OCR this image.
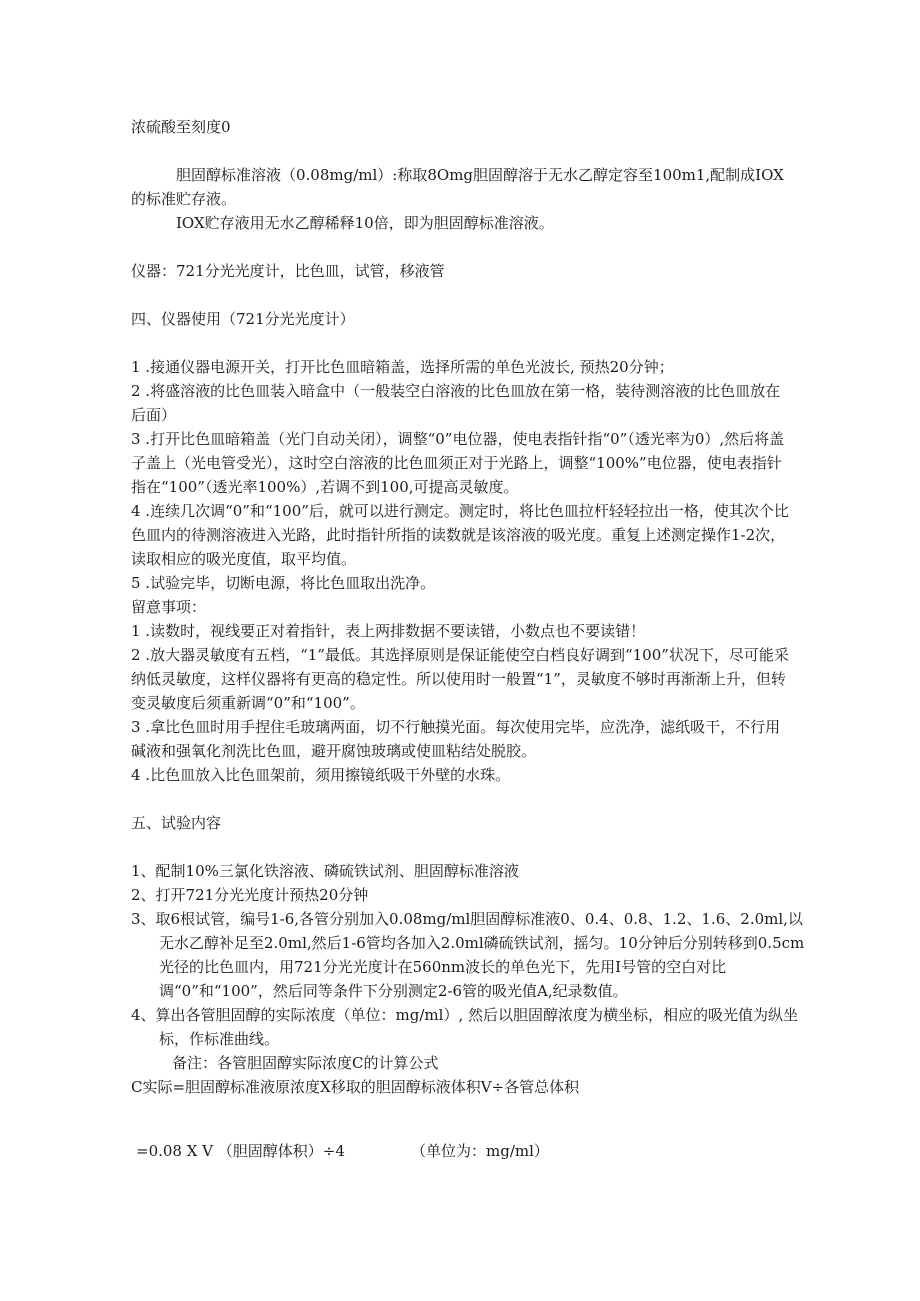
浓硫酸至刻度0

胆固醇标准溶液（0.08mg/ml）:称取8Omg胆固醇溶于无水乙醇定容至100m1,配制成IOX的标准贮存液。

IOX贮存液用无水乙醇稀释10倍，即为胆固醇标准溶液。

仪器：721分光光度计，比色皿，试管，移液管

四、仪器使用（721分光光度计）

1 .接通仪器电源开关，打开比色皿暗箱盖，选择所需的单色光波长, 预热20分钟；

2 .将盛溶液的比色皿装入暗盒中（一般装空白溶液的比色皿放在第一格，装待测溶液的比色皿放在后面）

3 .打开比色皿暗箱盖（光门自动关闭），调整“0”电位器，使电表指针指“0”（透光率为0）,然后将盖子盖上（光电管受光），这时空白溶液的比色皿须正对于光路上，调整“100%”电位器，使电表指针指在“100”（透光率100%）,若调不到100,可提高灵敏度。

4 .连续几次调“0”和“100”后，就可以进行测定。测定时，将比色皿拉杆轻轻拉出一格，使其次个比色皿内的待测溶液进入光路，此时指针所指的读数就是该溶液的吸光度。重复上述测定操作1-2次，读取相应的吸光度值，取平均值。

5 .试验完毕，切断电源，将比色皿取出洗净。

留意事项：

1 .读数时，视线要正对着指针，表上两排数据不要读错，小数点也不要读错！

2 .放大器灵敏度有五档，“1”最低。其选择原则是保证能使空白档良好调到“100”状况下，尽可能采纳低灵敏度，这样仪器将有更高的稳定性。所以使用时一般置“1”，灵敏度不够时再渐渐上升，但转变灵敏度后须重新调“0”和“100”。

3 .拿比色皿时用手捏住毛玻璃两面，切不行触摸光面。每次使用完毕，应洗净，滤纸吸干，不行用碱液和强氧化剂洗比色皿，避开腐蚀玻璃或使皿粘结处脱胶。

4 .比色皿放入比色皿架前，须用擦镜纸吸干外壁的水珠。

五、试验内容

1、配制10%三氯化铁溶液、磷硫铁试剂、胆固醇标准溶液

2、打开721分光光度计预热20分钟

3、取6根试管，编号1-6,各管分别加入0.08mg/ml胆固醇标准液0、0.4、0.8、1.2、1.6、2.0ml,以无水乙醇补足至2.0ml,然后1-6管均各加入2.0ml磷硫铁试剂，摇匀。10分钟后分别转移到0.5cm光径的比色皿内，用721分光光度计在560nm波长的单色光下，先用I号管的空白对比调“0”和“100”，然后同等条件下分别测定2-6管的吸光值A,纪录数值。

4、算出各管胆固醇的实际浓度（单位：mg/ml）, 然后以胆固醇浓度为横坐标，相应的吸光值为纵坐标，作标准曲线。

备注：各管胆固醇实际浓度C的计算公式

C实际=胆固醇标准液原浓度X移取的胆固醇标液体积V÷各管总体积

=0.08 X V （胆固醇体积）÷4	（单位为：mg/ml）
